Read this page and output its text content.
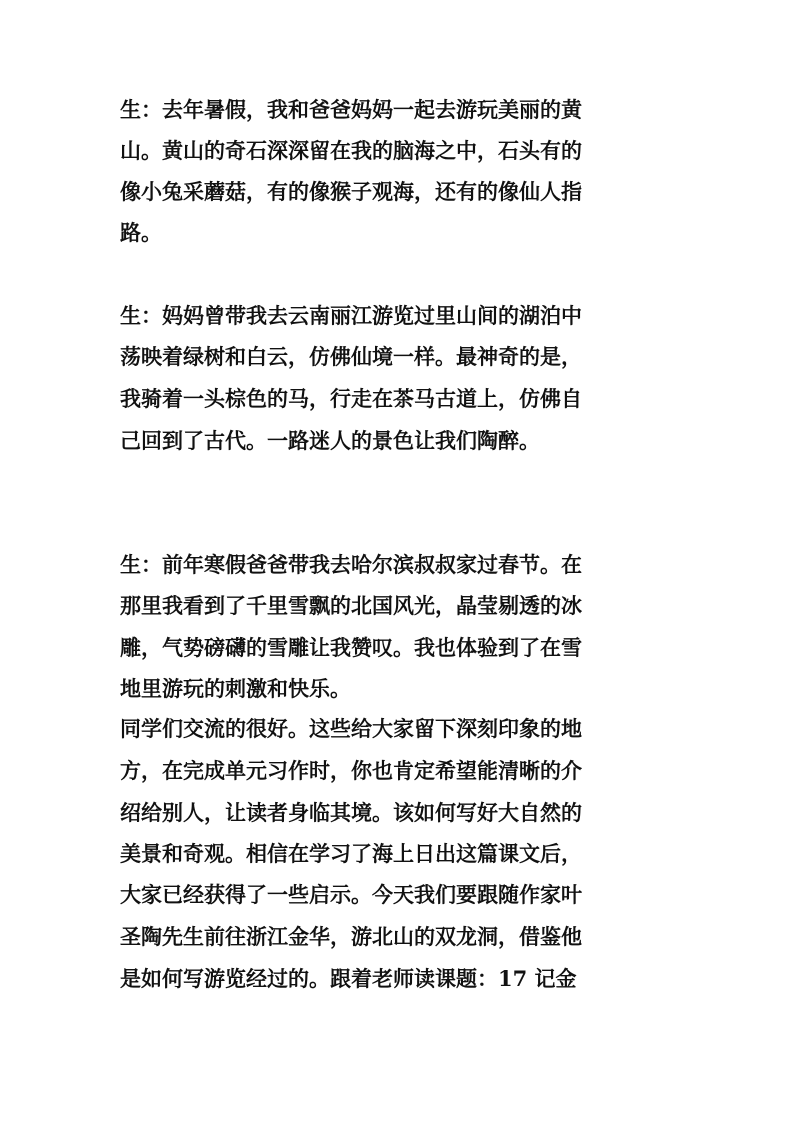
生：去年暑假，我和爸爸妈妈一起去游玩美丽的黄
山。黄山的奇石深深留在我的脑海之中，石头有的
像小兔采蘑菇，有的像猴子观海，还有的像仙人指
路。
生：妈妈曾带我去云南丽江游览过里山间的湖泊中
荡映着绿树和白云，仿佛仙境一样。最神奇的是，
我骑着一头棕色的马，行走在茶马古道上，仿佛自
己回到了古代。一路迷人的景色让我们陶醉。
生：前年寒假爸爸带我去哈尔滨叔叔家过春节。在
那里我看到了千里雪飘的北国风光，晶莹剔透的冰
雕，气势磅礴的雪雕让我赞叹。我也体验到了在雪
地里游玩的刺激和快乐。
同学们交流的很好。这些给大家留下深刻印象的地
方，在完成单元习作时，你也肯定希望能清晰的介
绍给别人，让读者身临其境。该如何写好大自然的
美景和奇观。相信在学习了海上日出这篇课文后，
大家已经获得了一些启示。今天我们要跟随作家叶
圣陶先生前往浙江金华，游北山的双龙洞，借鉴他
是如何写游览经过的。跟着老师读课题：17 记金
